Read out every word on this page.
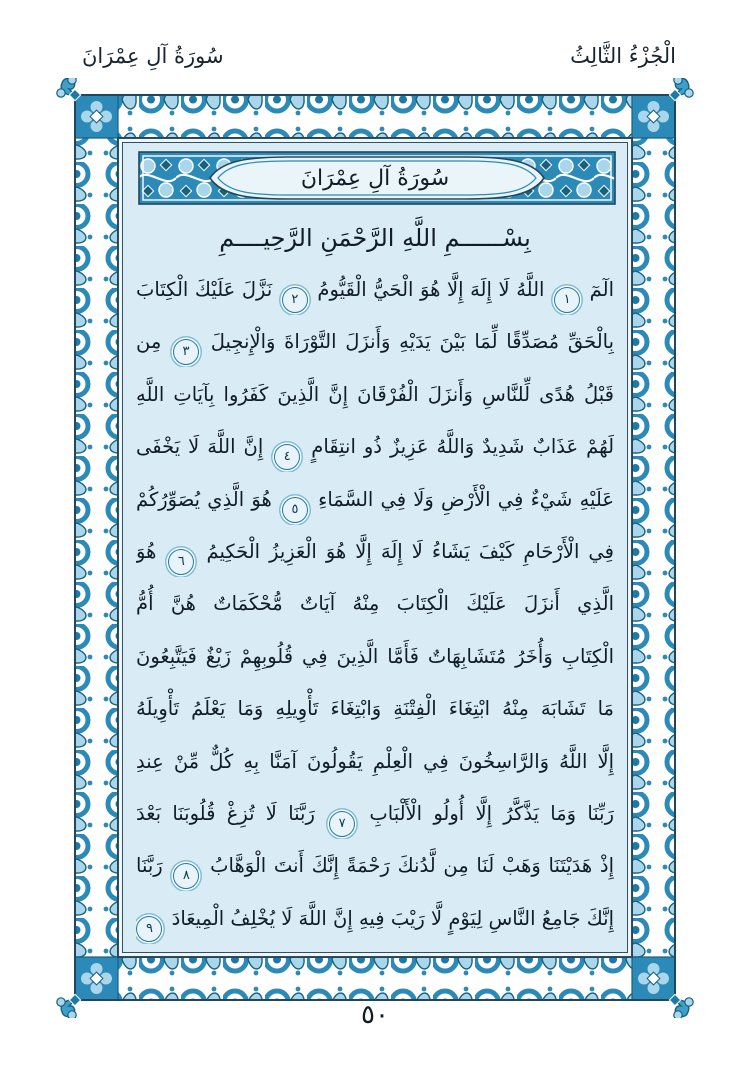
سُورَةُ آلِ عِمْرَانَ	الْجُزْءُ الثَّالِثُ
سُورَةُ آلِ عِمْرَانَ
بِسْــــــمِ اللَّهِ الرَّحْمَنِ الرَّحِيــــمِ
الٓمٓ ١ اللَّهُ لَا إِلَهَ إِلَّا هُوَ الْحَيُّ الْقَيُّومُ ٢ نَزَّلَ عَلَيْكَ الْكِتَابَ
بِالْحَقِّ مُصَدِّقًا لِّمَا بَيْنَ يَدَيْهِ وَأَنزَلَ التَّوْرَاةَ وَالْإِنجِيلَ ٣ مِن
قَبْلُ هُدًى لِّلنَّاسِ وَأَنزَلَ الْفُرْقَانَ إِنَّ الَّذِينَ كَفَرُوا بِآيَاتِ اللَّهِ
لَهُمْ عَذَابٌ شَدِيدٌ وَاللَّهُ عَزِيزٌ ذُو انتِقَامٍ ٤ إِنَّ اللَّهَ لَا يَخْفَى
عَلَيْهِ شَيْءٌ فِي الْأَرْضِ وَلَا فِي السَّمَاءِ ٥ هُوَ الَّذِي يُصَوِّرُكُمْ
فِي الْأَرْحَامِ كَيْفَ يَشَاءُ لَا إِلَهَ إِلَّا هُوَ الْعَزِيزُ الْحَكِيمُ ٦ هُوَ
الَّذِي أَنزَلَ عَلَيْكَ الْكِتَابَ مِنْهُ آيَاتٌ مُّحْكَمَاتٌ هُنَّ أُمُّ
الْكِتَابِ وَأُخَرُ مُتَشَابِهَاتٌ فَأَمَّا الَّذِينَ فِي قُلُوبِهِمْ زَيْغٌ فَيَتَّبِعُونَ
مَا تَشَابَهَ مِنْهُ ابْتِغَاءَ الْفِتْنَةِ وَابْتِغَاءَ تَأْوِيلِهِ وَمَا يَعْلَمُ تَأْوِيلَهُ
إِلَّا اللَّهُ وَالرَّاسِخُونَ فِي الْعِلْمِ يَقُولُونَ آمَنَّا بِهِ كُلٌّ مِّنْ عِندِ
رَبِّنَا وَمَا يَذَّكَّرُ إِلَّا أُولُو الْأَلْبَابِ ٧ رَبَّنَا لَا تُزِغْ قُلُوبَنَا بَعْدَ
إِذْ هَدَيْتَنَا وَهَبْ لَنَا مِن لَّدُنكَ رَحْمَةً إِنَّكَ أَنتَ الْوَهَّابُ ٨ رَبَّنَا
إِنَّكَ جَامِعُ النَّاسِ لِيَوْمٍ لَّا رَيْبَ فِيهِ إِنَّ اللَّهَ لَا يُخْلِفُ الْمِيعَادَ ٩
٥٠
